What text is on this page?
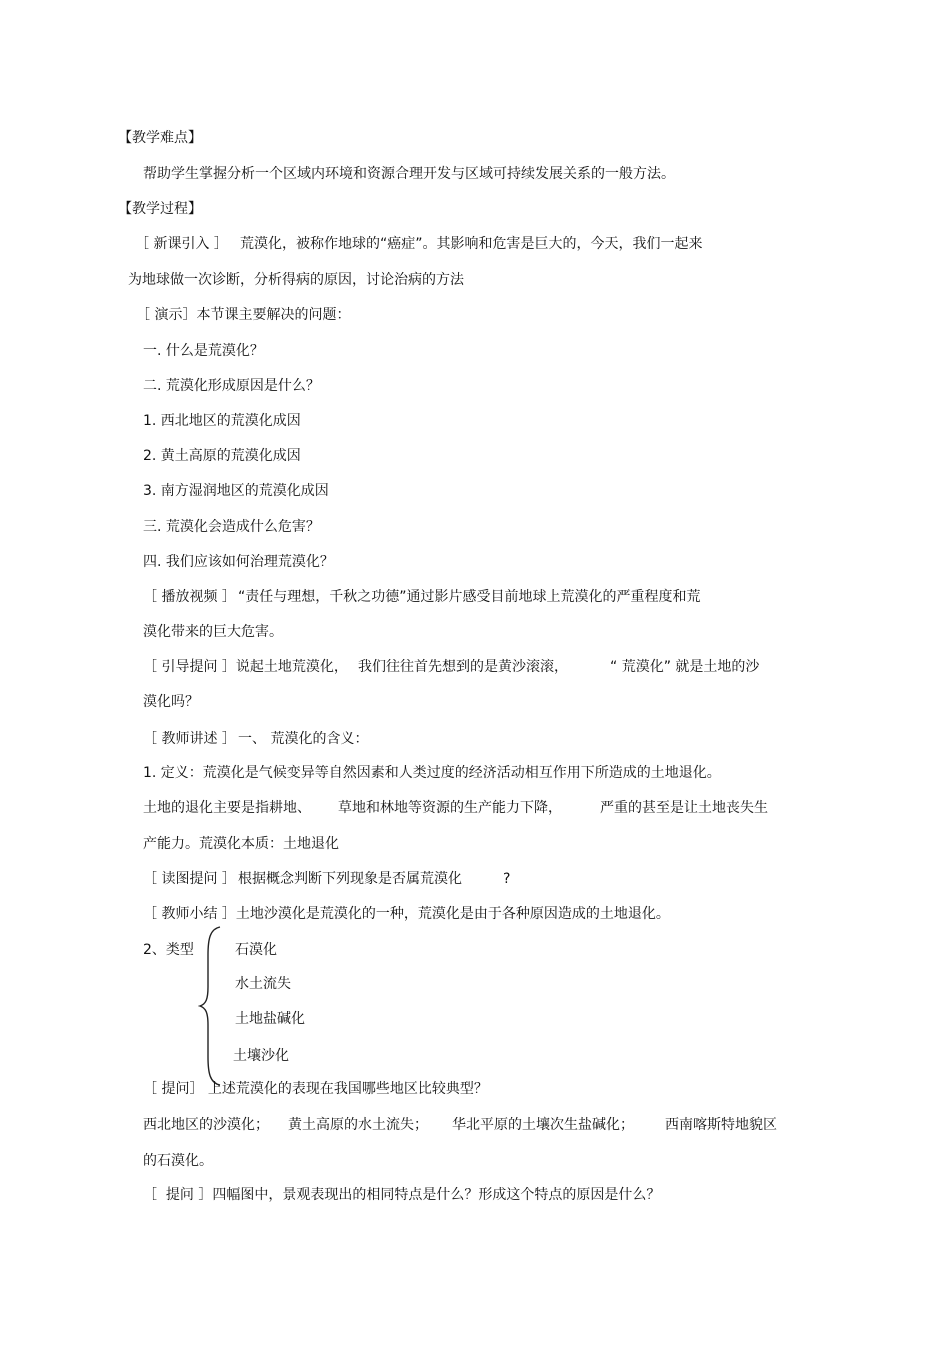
【教学难点】
帮助学生掌握分析一个区域内环境和资源合理开发与区域可持续发展关系的一般方法。
【教学过程】
［ 新课引入 ］ 荒漠化，被称作地球的“癌症”。其影响和危害是巨大的，今天，我们一起来
为地球做一次诊断，分析得病的原因，讨论治病的方法
［ 演示］本节课主要解决的问题：
一. 什么是荒漠化？
二. 荒漠化形成原因是什么？
1. 西北地区的荒漠化成因
2. 黄土高原的荒漠化成因
3. 南方湿润地区的荒漠化成因
三. 荒漠化会造成什么危害？
四. 我们应该如何治理荒漠化？
［ 播放视频 ］ “责任与理想，千秋之功德”通过影片感受目前地球上荒漠化的严重程度和荒
漠化带来的巨大危害。
［ 引导提问 ］说起土地荒漠化， 我们往往首先想到的是黄沙滚滚，	“ 荒漠化” 就是土地的沙
漠化吗？
［ 教师讲述 ］ 一、 荒漠化的含义：
1. 定义：荒漠化是气候变异等自然因素和人类过度的经济活动相互作用下所造成的土地退化。
土地的退化主要是指耕地、 草地和林地等资源的生产能力下降，	严重的甚至是让土地丧失生
产能力。荒漠化本质：土地退化
［ 读图提问 ］ 根据概念判断下列现象是否属荒漠化	?
［ 教师小结 ］土地沙漠化是荒漠化的一种，荒漠化是由于各种原因造成的土地退化。
2、类型	石漠化
水土流失
土地盐碱化
土壤沙化
［ 提问］ 上述荒漠化的表现在我国哪些地区比较典型？
西北地区的沙漠化； 黄土高原的水土流失； 华北平原的土壤次生盐碱化； 西南喀斯特地貌区
的石漠化。
［  提问 ］四幅图中，景观表现出的相同特点是什么？形成这个特点的原因是什么？
